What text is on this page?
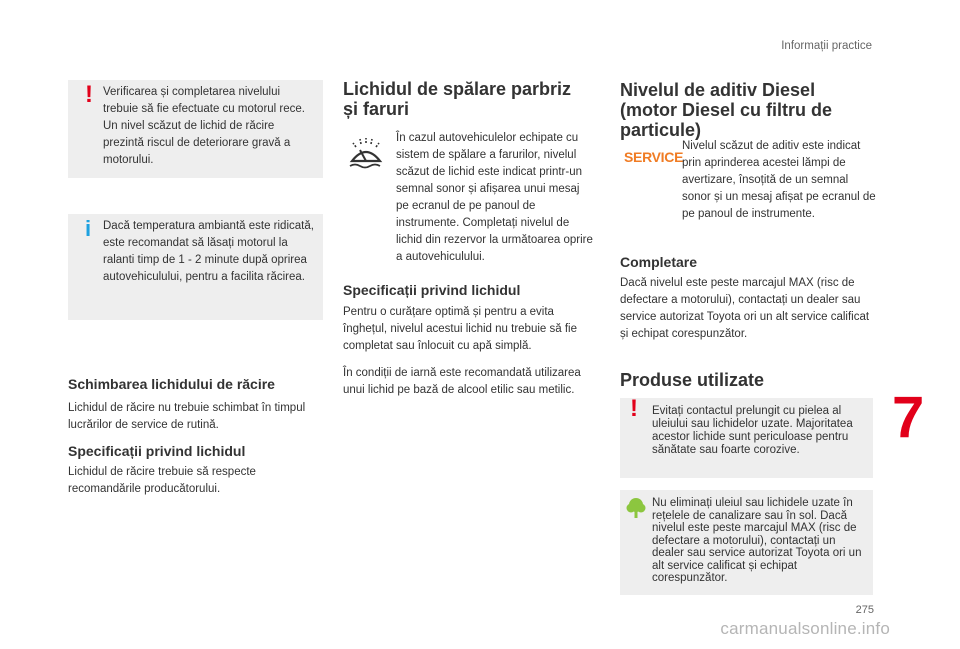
Informații practice
! Verificarea și completarea nivelului trebuie să fie efectuate cu motorul rece. Un nivel scăzut de lichid de răcire prezintă riscul de deteriorare gravă a motorului.
i Dacă temperatura ambiantă este ridicată, este recomandat să lăsați motorul la ralanti timp de 1 - 2 minute după oprirea autovehiculului, pentru a facilita răcirea.
Schimbarea lichidului de răcire

Lichidul de răcire nu trebuie schimbat în timpul lucrărilor de service de rutină.

Specificații privind lichidul

Lichidul de răcire trebuie să respecte recomandările producătorului.

Lichidul de spălare parbriz
și faruri

În cazul autovehiculelor echipate cu sistem de spălare a farurilor, nivelul scăzut de lichid este indicat printr-un semnal sonor și afișarea unui mesaj pe ecranul de pe panoul de instrumente. Completați nivelul de lichid din rezervor la următoarea oprire a autovehiculului.

Specificații privind lichidul

Pentru o curățare optimă și pentru a evita înghețul, nivelul acestui lichid nu trebuie să fie completat sau înlocuit cu apă simplă.

În condiții de iarnă este recomandată utilizarea unui lichid pe bază de alcool etilic sau metilic.

Nivelul de aditiv Diesel
(motor Diesel cu filtru de
particule)
SERVICE

Nivelul scăzut de aditiv este indicat prin aprinderea acestei lămpi de avertizare, însoțită de un semnal sonor și un mesaj afișat pe ecranul de pe panoul de instrumente.

Completare

Dacă nivelul este peste marcajul MAX (risc de defectare a motorului), contactați un dealer sau service autorizat Toyota ori un alt service calificat și echipat corespunzător.

Produse utilizate
! Evitați contactul prelungit cu pielea al uleiului sau lichidelor uzate. Majoritatea acestor lichide sunt periculoase pentru sănătate sau foarte corozive.
Nu eliminați uleiul sau lichidele uzate în rețelele de canalizare sau în sol. Dacă nivelul este peste marcajul MAX (risc de defectare a motorului), contactați un dealer sau service autorizat Toyota ori un alt service calificat și echipat corespunzător.
7
275
carmanualsonline.info
